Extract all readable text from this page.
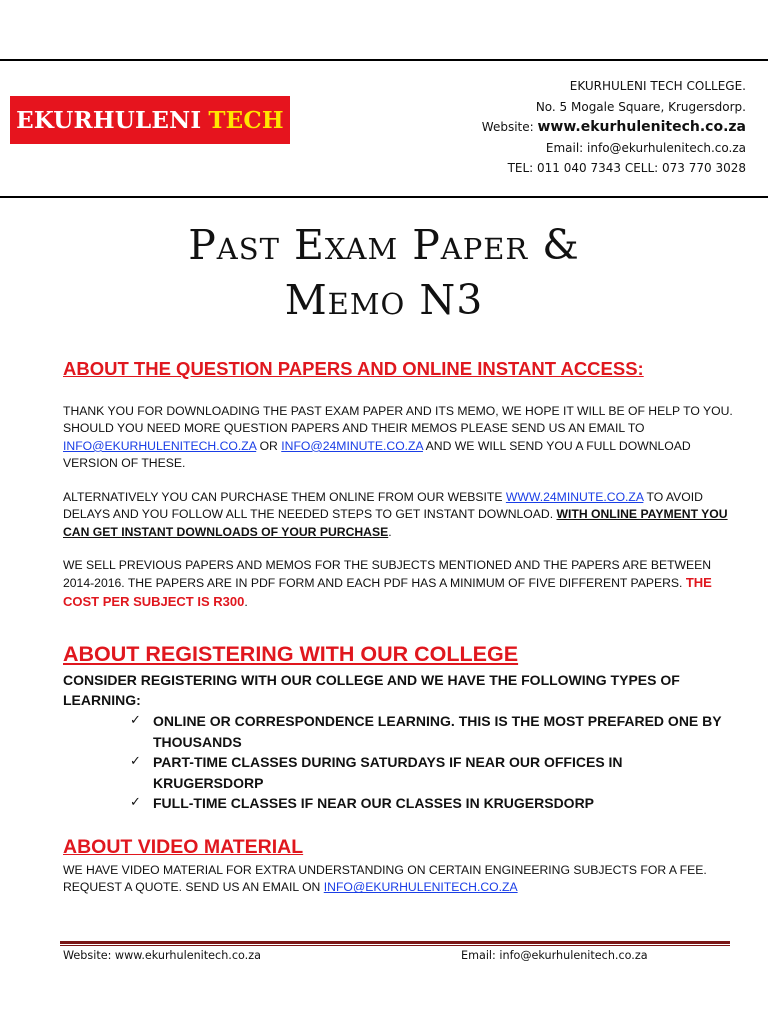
EKURHULENI TECH
EKURHULENI TECH COLLEGE.
No. 5 Mogale Square, Krugersdorp.
Website: www.ekurhulenitech.co.za
Email: info@ekurhulenitech.co.za
TEL: 011 040 7343 CELL: 073 770 3028
Past Exam Paper &
Memo N3
ABOUT THE QUESTION PAPERS AND ONLINE INSTANT ACCESS:
THANK YOU FOR DOWNLOADING THE PAST EXAM PAPER AND ITS MEMO, WE HOPE IT WILL BE OF HELP TO YOU. SHOULD YOU NEED MORE QUESTION PAPERS AND THEIR MEMOS PLEASE SEND US AN EMAIL TO INFO@EKURHULENITECH.CO.ZA OR INFO@24MINUTE.CO.ZA AND WE WILL SEND YOU A FULL DOWNLOAD VERSION OF THESE.
ALTERNATIVELY YOU CAN PURCHASE THEM ONLINE FROM OUR WEBSITE WWW.24MINUTE.CO.ZA TO AVOID DELAYS AND YOU FOLLOW ALL THE NEEDED STEPS TO GET INSTANT DOWNLOAD. WITH ONLINE PAYMENT YOU CAN GET INSTANT DOWNLOADS OF YOUR PURCHASE.
WE SELL PREVIOUS PAPERS AND MEMOS FOR THE SUBJECTS MENTIONED AND THE PAPERS ARE BETWEEN 2014-2016. THE PAPERS ARE IN PDF FORM AND EACH PDF HAS A MINIMUM OF FIVE DIFFERENT PAPERS. THE COST PER SUBJECT IS R300.
ABOUT REGISTERING WITH OUR COLLEGE
CONSIDER REGISTERING WITH OUR COLLEGE AND WE HAVE THE FOLLOWING TYPES OF LEARNING:
✓ ONLINE OR CORRESPONDENCE LEARNING. THIS IS THE MOST PREFARED ONE BY THOUSANDS
✓ PART-TIME CLASSES DURING SATURDAYS IF NEAR OUR OFFICES IN KRUGERSDORP
✓ FULL-TIME CLASSES IF NEAR OUR CLASSES IN KRUGERSDORP
ABOUT VIDEO MATERIAL
WE HAVE VIDEO MATERIAL FOR EXTRA UNDERSTANDING ON CERTAIN ENGINEERING SUBJECTS FOR A FEE. REQUEST A QUOTE. SEND US AN EMAIL ON INFO@EKURHULENITECH.CO.ZA
Website: www.ekurhulenitech.co.za	Email: info@ekurhulenitech.co.za
